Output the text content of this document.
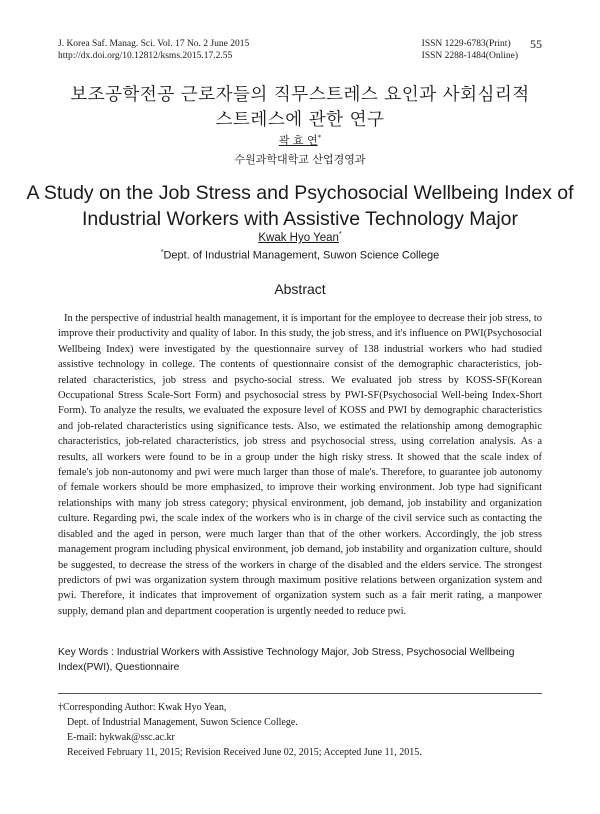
J. Korea Saf. Manag. Sci. Vol. 17 No. 2 June 2015
http://dx.doi.org/10.12812/ksms.2015.17.2.55
ISSN 1229-6783(Print)
ISSN 2288-1484(Online)
55
보조공학전공 근로자들의 직무스트레스 요인과 사회심리적
스트레스에 관한 연구
곽 효 연*
수원과학대학교 산업경영과
A Study on the Job Stress and Psychosocial Wellbeing Index of
Industrial Workers with Assistive Technology Major
Kwak Hyo Yean*
*Dept. of Industrial Management, Suwon Science College
Abstract

In the perspective of industrial health management, it is important for the employee to decrease their job stress, to improve their productivity and quality of labor. In this study, the job stress, and it's influence on PWI(Psychosocial Wellbeing Index) were investigated by the questionnaire survey of 138 industrial workers who had studied assistive technology in college. The contents of questionnaire consist of the demographic characteristics, job-related characteristics, job stress and psycho-social stress. We evaluated job stress by KOSS-SF(Korean Occupational Stress Scale-Sort Form) and psychosocial stress by PWI-SF(Psychosocial Well-being Index-Short Form). To analyze the results, we evaluated the exposure level of KOSS and PWI by demographic characteristics and job-related characteristics using significance tests. Also, we estimated the relationship among demographic characteristics, job-related characteristics, job stress and psychosocial stress, using correlation analysis. As a results, all workers were found to be in a group under the high risky stress. It showed that the scale index of female's job non-autonomy and pwi were much larger than those of male's. Therefore, to guarantee job autonomy of female workers should be more emphasized, to improve their working environment. Job type had significant relationships with many job stress category; physical environment, job demand, job instability and organization culture. Regarding pwi, the scale index of the workers who is in charge of the civil service such as contacting the disabled and the aged in person, were much larger than that of the other workers. Accordingly, the job stress management program including physical environment, job demand, job instability and organization culture, should be suggested, to decrease the stress of the workers in charge of the disabled and the elders service. The strongest predictors of pwi was organization system through maximum positive relations between organization system and pwi. Therefore, it indicates that improvement of organization system such as a fair merit rating, a manpower supply, demand plan and department cooperation is urgently needed to reduce pwi.

Key Words : Industrial Workers with Assistive Technology Major, Job Stress, Psychosocial Wellbeing Index(PWI), Questionnaire

†Corresponding Author: Kwak Hyo Yean,
Dept. of Industrial Management, Suwon Science College.
E-mail: hykwak@ssc.ac.kr
Received February 11, 2015; Revision Received June 02, 2015; Accepted June 11, 2015.
